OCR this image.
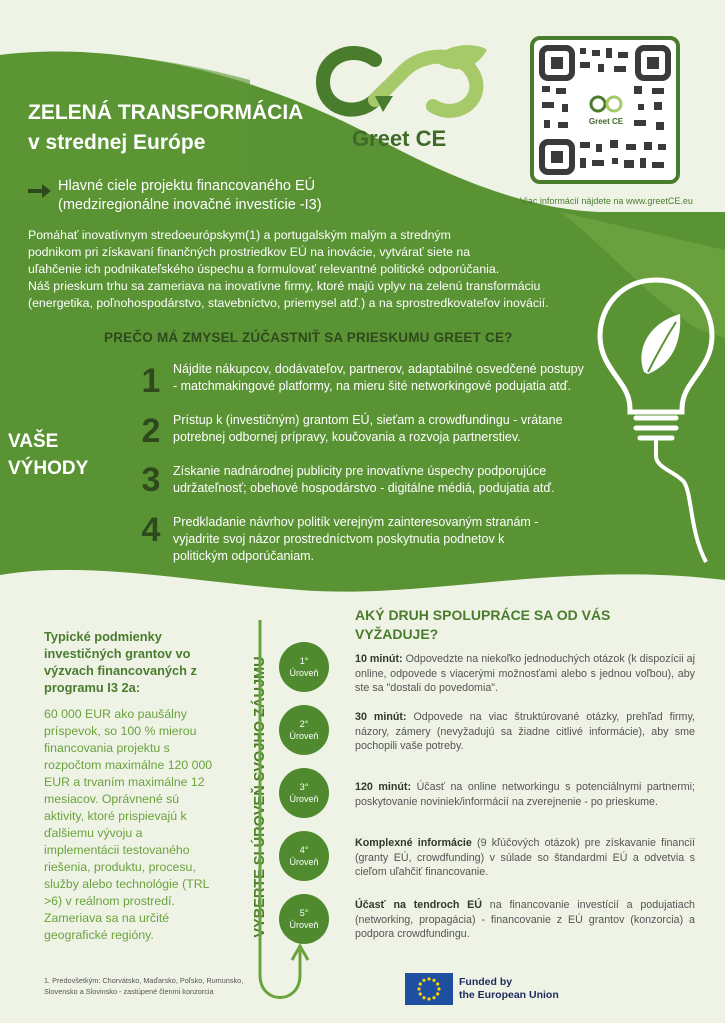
ZELENÁ TRANSFORMÁCIA
v strednej Európe	Greet CE
Greet CE
Viac informácií nájdete na www.greetCE.eu
Hlavné ciele projektu financovaného EÚ
(medziregionálne inovačné investície -I3)
Pomáhať inovatívnym stredoeurópskym(1) a portugalským malým a stredným
podnikom pri získavaní finančných prostriedkov EÚ na inovácie, vytvárať siete na
uľahčenie ich podnikateľského úspechu a formulovať relevantné politické odporúčania.
Náš prieskum trhu sa zameriava na inovatívne firmy, ktoré majú vplyv na zelenú transformáciu
(energetika, poľnohospodárstvo, stavebníctvo, priemysel atď.) a na sprostredkovateľov inovácií.
PREČO MÁ ZMYSEL ZÚČASTNIŤ SA PRIESKUMU GREET CE?
VAŠE
VÝHODY
1	Nájdite nákupcov, dodávateľov, partnerov, adaptabilné osvedčené postupy
- matchmakingové platformy, na mieru šité networkingové podujatia atď.
2	Prístup k (investičným) grantom EÚ, sieťam a crowdfundingu - vrátane
potrebnej odbornej prípravy, koučovania a rozvoja partnerstiev.
3	Získanie nadnárodnej publicity pre inovatívne úspechy podporujúce
udržateľnosť; obehové hospodárstvo - digitálne médiá, podujatia atď.
4	Predkladanie návrhov politík verejným zainteresovaným stranám -
vyjadrite svoj názor prostredníctvom poskytnutia podnetov k
politickým odporúčaniam.
Typické podmienky investičných grantov vo výzvach financovaných z programu I3 2a:
60 000 EUR ako paušálny príspevok, so 100 % mierou financovania projektu s rozpočtom maximálne 120 000 EUR a trvaním maximálne 12 mesiacov. Oprávnené sú aktivity, ktoré prispievajú k ďalšiemu vývoju a implementácii testovaného riešenia, produktu, procesu, služby alebo technológie (TRL >6) v reálnom prostredí. Zameriava sa na určité geografické regióny.
1. Predovšetkým: Chorvátsko, Maďarsko, Poľsko, Rumunsko, Slovensko a Slovinsko - zastúpené členmi konzorcia
VYBERTE SI ÚROVEŇ SVOJHO ZÁUJMU	1°
Úroveň
2°
Úroveň
3°
Úroveň
4°
Úroveň
5°
Úroveň
AKÝ DRUH SPOLUPRÁCE SA OD VÁS VYŽADUJE?
10 minút: Odpovedzte na niekoľko jednoduchých otázok (k dispozícii aj online, odpovede s viacerými možnosťami alebo s jednou voľbou), aby ste sa "dostali do povedomia".
30 minút: Odpovede na viac štruktúrované otázky, prehľad firmy, názory, zámery (nevyžadujú sa žiadne citlivé informácie), aby sme pochopili vaše potreby.
120 minút: Účasť na online networkingu s potenciálnymi partnermi; poskytovanie noviniek/informácií na zverejnenie - po prieskume.
Komplexné informácie (9 kľúčových otázok) pre získavanie financií (granty EÚ, crowdfunding) v súlade so štandardmi EÚ a odvetvia s cieľom uľahčiť financovanie.
Účasť na tendroch EÚ na financovanie investícií a podujatiach (networking, propagácia) - financovanie z EÚ grantov (konzorcia) a podpora crowdfundingu.
Funded by
the European Union
